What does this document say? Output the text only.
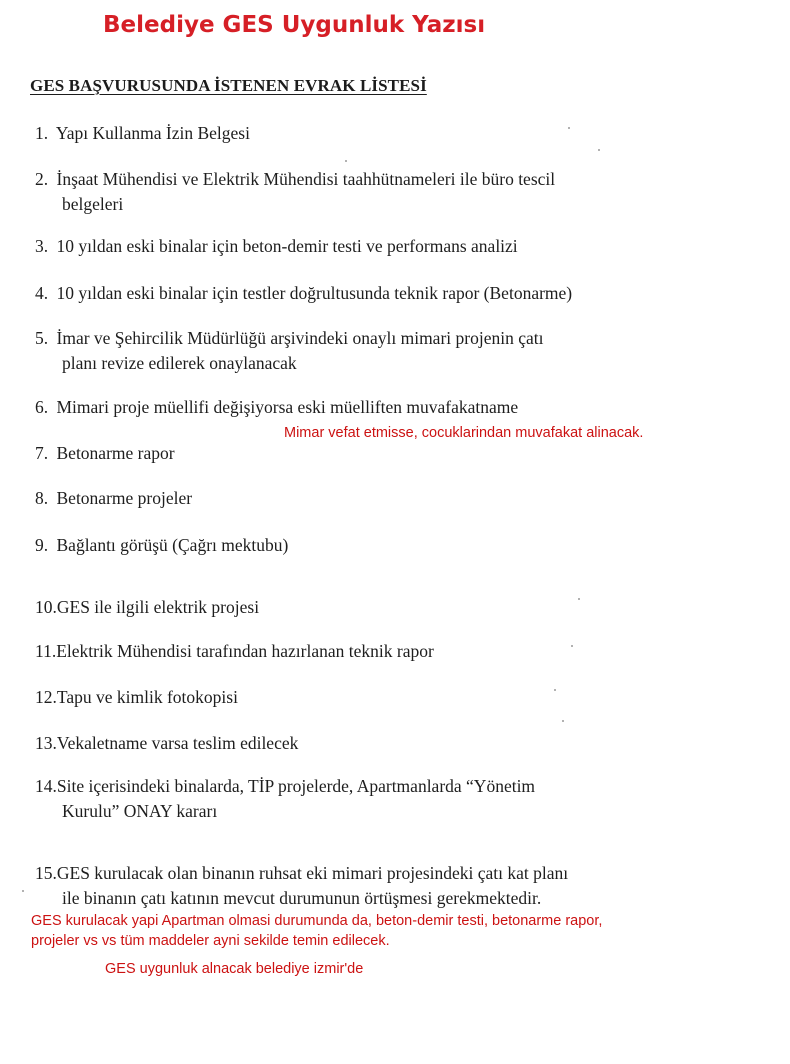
Belediye GES Uygunluk Yazısı
GES BAŞVURUSUNDA İSTENEN EVRAK LİSTESİ
1. Yapı Kullanma İzin Belgesi
2. İnşaat Mühendisi ve Elektrik Mühendisi taahhütnameleri ile büro tescil
belgeleri
3. 10 yıldan eski binalar için beton-demir testi ve performans analizi
4. 10 yıldan eski binalar için testler doğrultusunda teknik rapor (Betonarme)
5. İmar ve Şehircilik Müdürlüğü arşivindeki onaylı mimari projenin çatı
planı revize edilerek onaylanacak
6. Mimari proje müellifi değişiyorsa eski müelliften muvafakatname
Mimar vefat etmisse, cocuklarindan muvafakat alinacak.
7. Betonarme rapor
8. Betonarme projeler
9. Bağlantı görüşü (Çağrı mektubu)
10.GES ile ilgili elektrik projesi
11.Elektrik Mühendisi tarafından hazırlanan teknik rapor
12.Tapu ve kimlik fotokopisi
13.Vekaletname varsa teslim edilecek
14.Site içerisindeki binalarda, TİP projelerde, Apartmanlarda “Yönetim
Kurulu” ONAY kararı
15.GES kurulacak olan binanın ruhsat eki mimari projesindeki çatı kat planı
ile binanın çatı katının mevcut durumunun örtüşmesi gerekmektedir.
GES kurulacak yapi Apartman olmasi durumunda da, beton-demir testi, betonarme rapor,
projeler vs vs tüm maddeler ayni sekilde temin edilecek.
GES uygunluk alnacak belediye izmir'de
